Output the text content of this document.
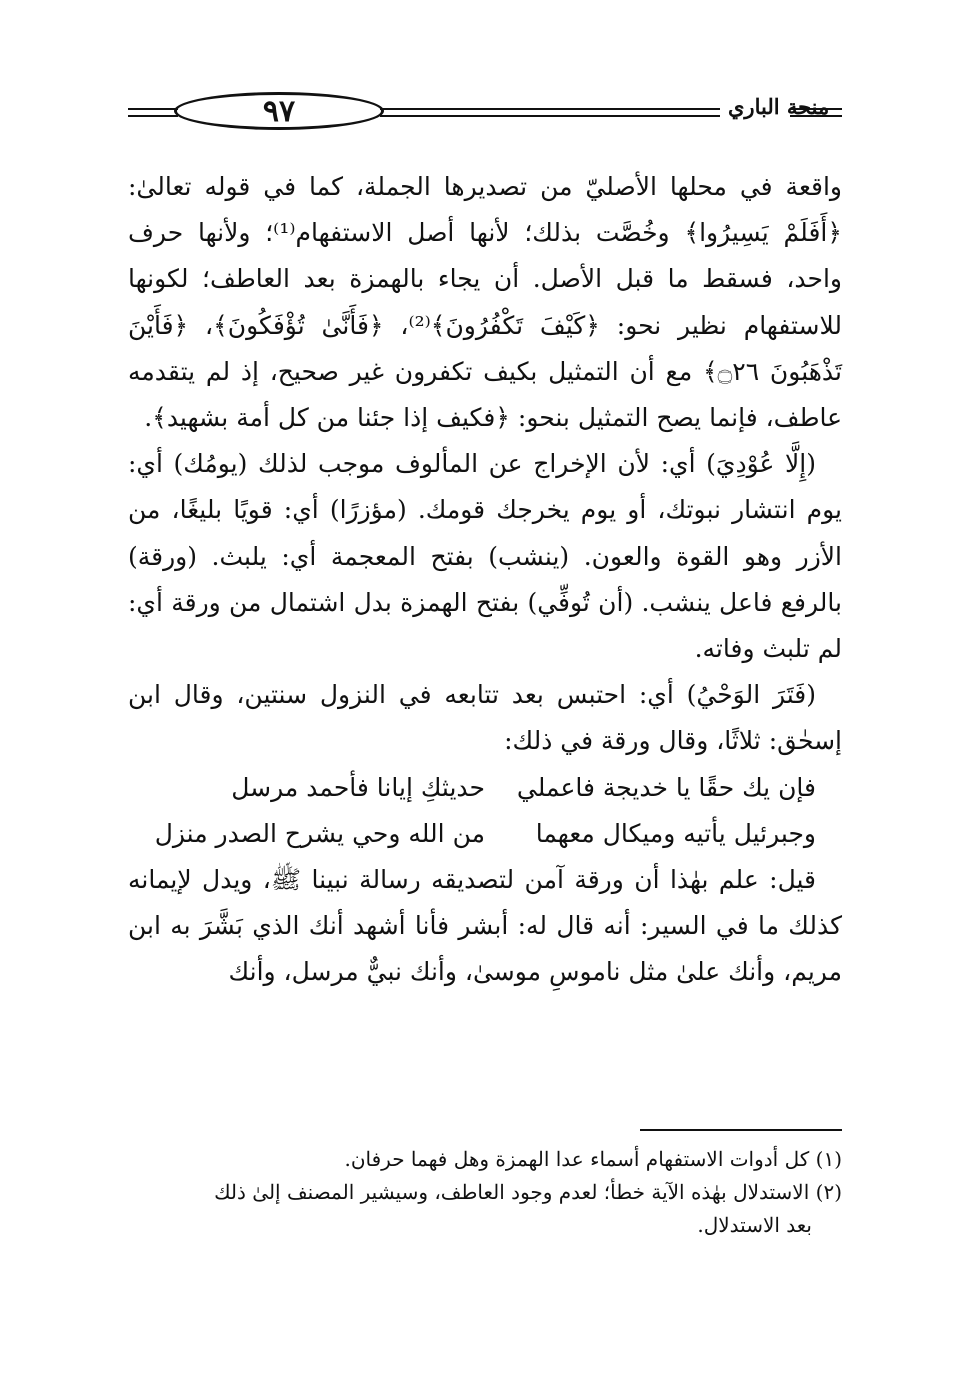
٩٧	منحة الباري

واقعة في محلها الأصليّ من تصديرها الجملة، كما في قوله تعالىٰ: ﴿أَفَلَمْ يَسِيرُوا﴾ وخُصَّت بذلك؛ لأنها أصل الاستفهام⁽¹⁾؛ ولأنها حرف واحد، فسقط ما قبل الأصل. أن يجاء بالهمزة بعد العاطف؛ لكونها للاستفهام نظير نحو: ﴿كَيْفَ تَكْفُرُونَ﴾⁽²⁾، ﴿فَأَنَّىٰ تُؤْفَكُونَ﴾، ﴿فَأَيْنَ تَذْهَبُونَ ۝٢٦﴾ مع أن التمثيل بكيف تكفرون غير صحيح، إذ لم يتقدمه عاطف، فإنما يصح التمثيل بنحو: ﴿فكيف إذا جئنا من كل أمة بشهيد﴾.

(إِلَّا عُوْدِيَ) أي: لأن الإخراج عن المألوف موجب لذلك (يومُك) أي: يوم انتشار نبوتك، أو يوم يخرجك قومك. (مؤزرًا) أي: قويًا بليغًا، من الأزر وهو القوة والعون. (ينشب) بفتح المعجمة أي: يلبث. (ورقة) بالرفع فاعل ينشب. (أن تُوفِّي) بفتح الهمزة بدل اشتمال من ورقة أي: لم تلبث وفاته.

(فَتَرَ الوَحْيُ) أي: احتبس بعد تتابعه في النزول سنتين، وقال ابن إسحٰق: ثلاثًا، وقال ورقة في ذلك:

فإن يك حقًا يا خديجة فاعملي
حديثكِ إيانا فأحمد مرسل
وجبرئيل يأتيه وميكال معهما
من الله وحي يشرح الصدر منزل

قيل: علم بهٰذا أن ورقة آمن لتصديقه رسالة نبينا ﷺ، ويدل لإيمانه كذلك ما في السير: أنه قال له: أبشر فأنا أشهد أنك الذي بَشَّرَ به ابن مريم، وأنك علىٰ مثل ناموسِ موسىٰ، وأنك نبيٌّ مرسل، وأنك

(١) كل أدوات الاستفهام أسماء عدا الهمزة وهل فهما حرفان.

(٢) الاستدلال بهٰذه الآية خطأ؛ لعدم وجود العاطف، وسيشير المصنف إلىٰ ذلك

بعد الاستدلال.
